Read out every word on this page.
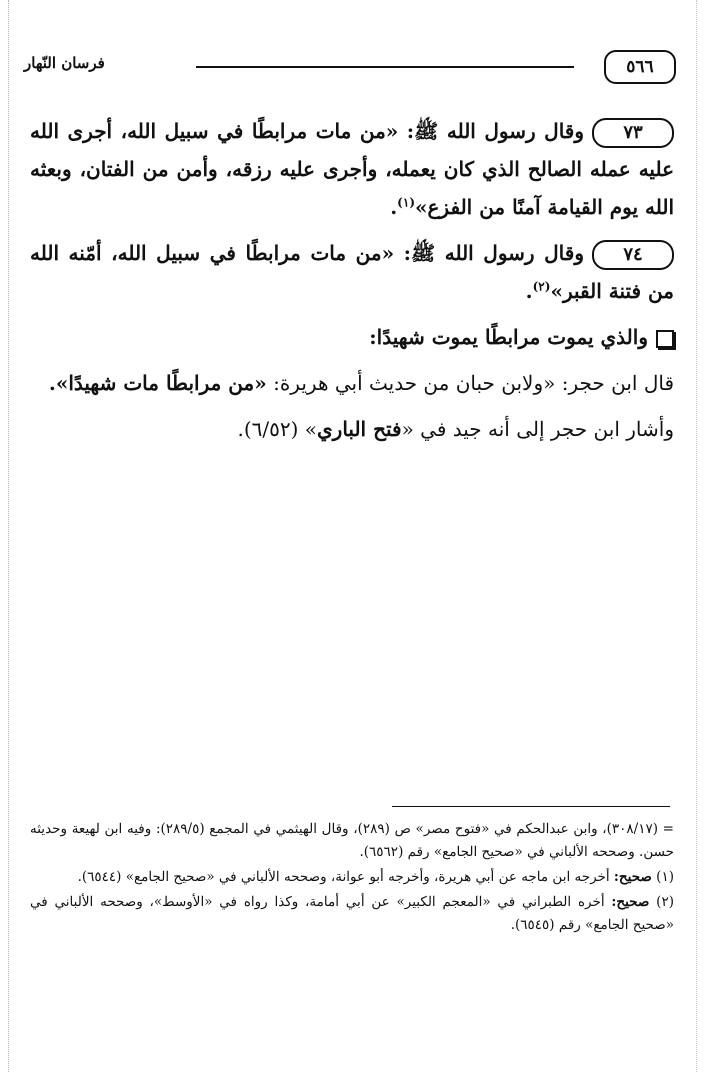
٥٦٦
فرسان النّهار

٧٣وقال رسول الله ﷺ: «من مات مرابطًا في سبيل الله، أجرى الله عليه عمله الصالح الذي كان يعمله، وأجرى عليه رزقه، وأمن من الفتان، وبعثه الله يوم القيامة آمنًا من الفزع»$^{(١)}$.

٧٤وقال رسول الله ﷺ: «من مات مرابطًا في سبيل الله، أمّنه الله من فتنة القبر»$^{(٢)}$.

والذي يموت مرابطًا يموت شهيدًا:

قال ابن حجر: «ولابن حبان من حديث أبي هريرة: «من مرابطًا مات شهيدًا».

وأشار ابن حجر إلى أنه جيد في «فتح الباري» (٦/٥٢).

= (٣٠٨/١٧)، وابن عبدالحكم في «فتوح مصر» ص (٢٨٩)، وقال الهيثمي في المجمع (٢٨٩/٥): وفيه ابن لهيعة وحديثه حسن. وصححه الألباني في «صحيح الجامع» رقم (٦٥٦٢).

(١) صحيح: أخرجه ابن ماجه عن أبي هريرة، وأخرجه أبو عوانة، وصححه الألباني في «صحيح الجامع» (٦٥٤٤).

(٢) صحيح: أخره الطبراني في «المعجم الكبير» عن أبي أمامة، وكذا رواه في «الأوسط»، وصححه الألباني في «صحيح الجامع» رقم (٦٥٤٥).
